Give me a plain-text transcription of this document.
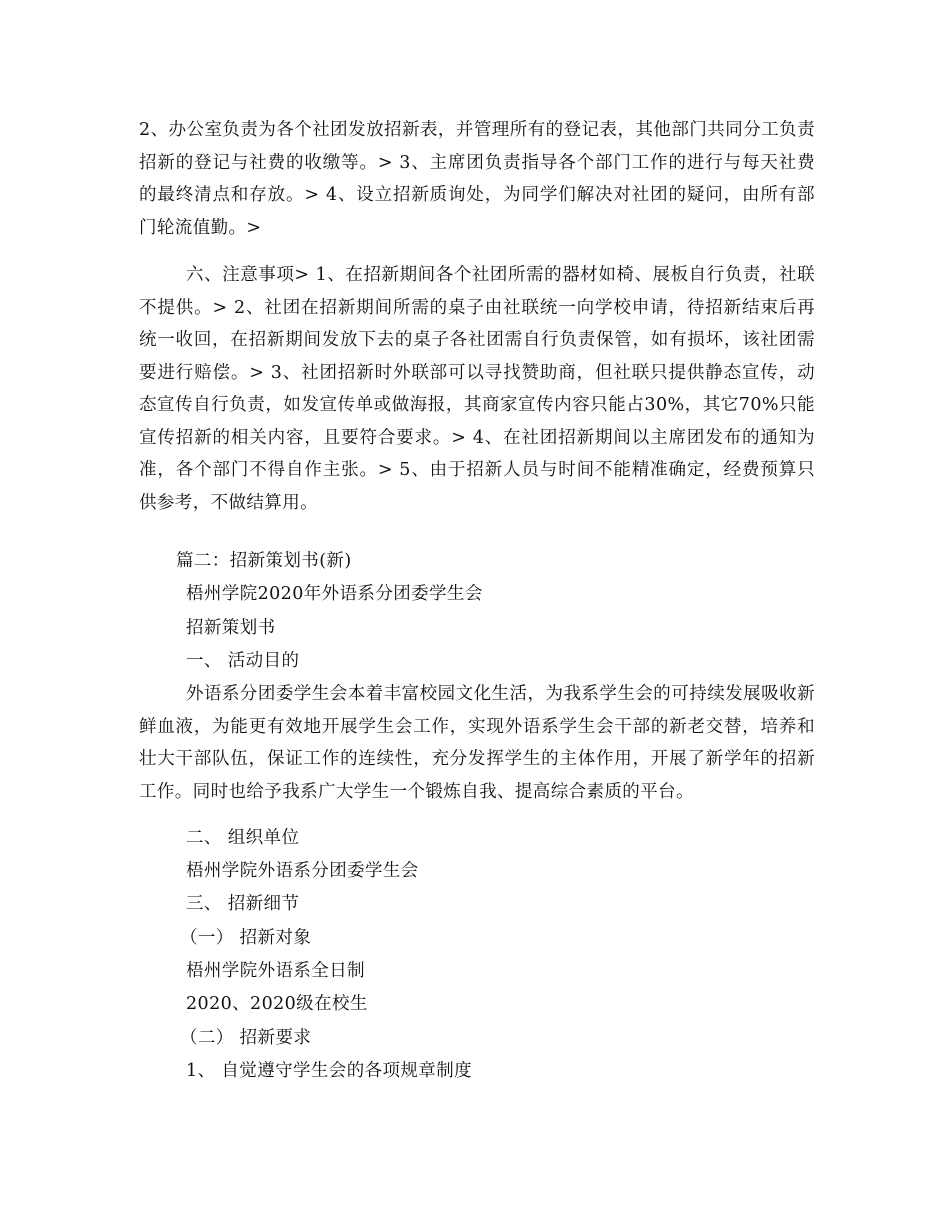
2、办公室负责为各个社团发放招新表，并管理所有的登记表，其他部门共同分工负责招新的登记与社费的收缴等。> 3、主席团负责指导各个部门工作的进行与每天社费的最终清点和存放。> 4、设立招新质询处，为同学们解决对社团的疑问，由所有部门轮流值勤。>

六、注意事项> 1、在招新期间各个社团所需的器材如椅、展板自行负责，社联不提供。> 2、社团在招新期间所需的桌子由社联统一向学校申请，待招新结束后再统一收回，在招新期间发放下去的桌子各社团需自行负责保管，如有损坏，该社团需要进行赔偿。> 3、社团招新时外联部可以寻找赞助商，但社联只提供静态宣传，动态宣传自行负责，如发宣传单或做海报，其商家宣传内容只能占30%，其它70%只能宣传招新的相关内容，且要符合要求。> 4、在社团招新期间以主席团发布的通知为准，各个部门不得自作主张。> 5、由于招新人员与时间不能精准确定，经费预算只供参考，不做结算用。

篇二：招新策划书(新)

梧州学院2020年外语系分团委学生会

招新策划书

一、 活动目的

外语系分团委学生会本着丰富校园文化生活，为我系学生会的可持续发展吸收新鲜血液，为能更有效地开展学生会工作，实现外语系学生会干部的新老交替，培养和壮大干部队伍，保证工作的连续性，充分发挥学生的主体作用，开展了新学年的招新工作。同时也给予我系广大学生一个锻炼自我、提高综合素质的平台。

二、 组织单位

梧州学院外语系分团委学生会

三、 招新细节

（一） 招新对象

梧州学院外语系全日制

2020、2020级在校生

（二） 招新要求

1、 自觉遵守学生会的各项规章制度
